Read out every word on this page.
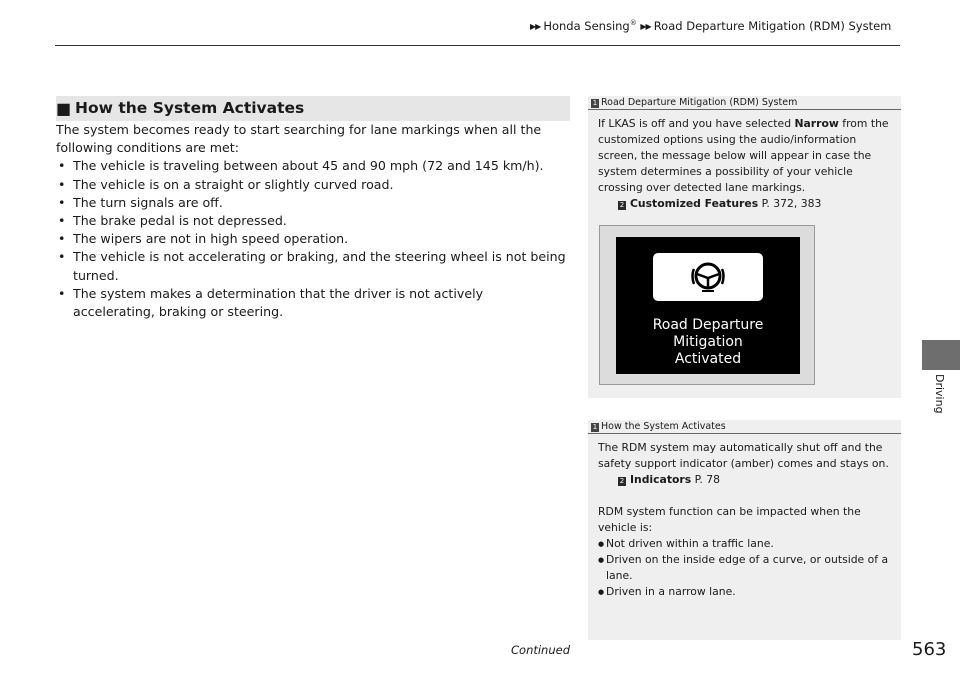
▶▶ Honda Sensing® ▶▶ Road Departure Mitigation (RDM) System
Driving
■ How the System Activates

The system becomes ready to start searching for lane markings when all the following conditions are met:

• The vehicle is traveling between about 45 and 90 mph (72 and 145 km/h).
• The vehicle is on a straight or slightly curved road.
• The turn signals are off.
• The brake pedal is not depressed.
• The wipers are not in high speed operation.
• The vehicle is not accelerating or braking, and the steering wheel is not being turned.
• The system makes a determination that the driver is not actively accelerating, braking or steering.
1 Road Departure Mitigation (RDM) System

If LKAS is off and you have selected Narrow from the customized options using the audio/information screen, the message below will appear in case the system determines a possibility of your vehicle crossing over detected lane markings.

2 Customized Features P. 372, 383

Road Departure Mitigation
Activated
1 How the System Activates

The RDM system may automatically shut off and the safety support indicator (amber) comes and stays on.

2 Indicators P. 78

RDM system function can be impacted when the vehicle is:

● Not driven within a traffic lane.
● Driven on the inside edge of a curve, or outside of a lane.
● Driven in a narrow lane.
Continued	563
